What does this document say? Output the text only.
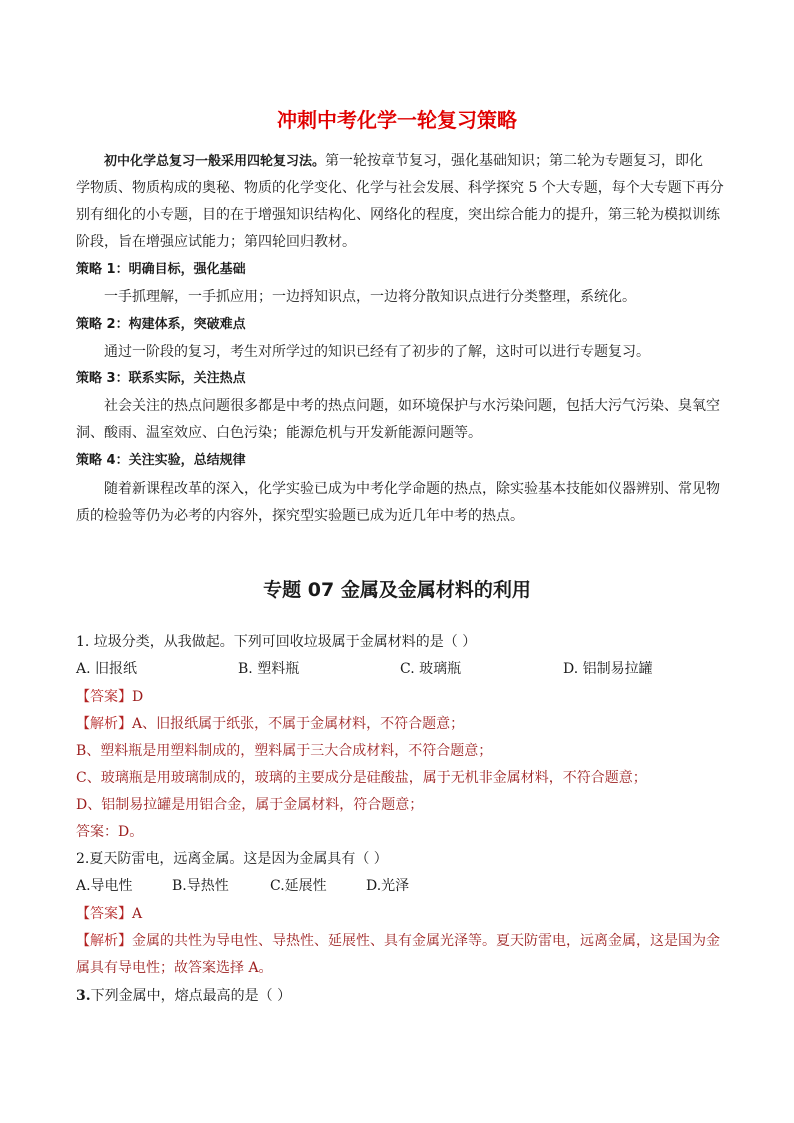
冲刺中考化学一轮复习策略
初中化学总复习一般采用四轮复习法。第一轮按章节复习，强化基础知识；第二轮为专题复习，即化
学物质、物质构成的奥秘、物质的化学变化、化学与社会发展、科学探究 5 个大专题，每个大专题下再分
别有细化的小专题，目的在于增强知识结构化、网络化的程度，突出综合能力的提升，第三轮为模拟训练
阶段，旨在增强应试能力；第四轮回归教材。
策略 1：明确目标，强化基础
一手抓理解，一手抓应用；一边捋知识点，一边将分散知识点进行分类整理，系统化。
策略 2：构建体系，突破难点
通过一阶段的复习，考生对所学过的知识已经有了初步的了解，这时可以进行专题复习。
策略 3：联系实际，关注热点
社会关注的热点问题很多都是中考的热点问题，如环境保护与水污染问题，包括大污气污染、臭氧空
洞、酸雨、温室效应、白色污染；能源危机与开发新能源问题等。
策略 4：关注实验，总结规律
随着新课程改革的深入，化学实验已成为中考化学命题的热点，除实验基本技能如仪器辨别、常见物
质的检验等仍为必考的内容外，探究型实验题已成为近几年中考的热点。
专题 07 金属及金属材料的利用
1. 垃圾分类，从我做起。下列可回收垃圾属于金属材料的是（ ）
A. 旧报纸	B. 塑料瓶	C. 玻璃瓶	D. 铝制易拉罐
【答案】D
【解析】A、旧报纸属于纸张，不属于金属材料，不符合题意；
B、塑料瓶是用塑料制成的，塑料属于三大合成材料，不符合题意；
C、玻璃瓶是用玻璃制成的，玻璃的主要成分是硅酸盐，属于无机非金属材料，不符合题意；
D、铝制易拉罐是用铝合金，属于金属材料，符合题意；
答案：D。
2.夏天防雷电，远离金属。这是因为金属具有（ ）
A.导电性	B.导热性	C.延展性	D.光泽
【答案】A
【解析】金属的共性为导电性、导热性、延展性、具有金属光泽等。夏天防雷电，远离金属，这是国为金
属具有导电性；故答案选择 A。
3.下列金属中，熔点最高的是（ ）
